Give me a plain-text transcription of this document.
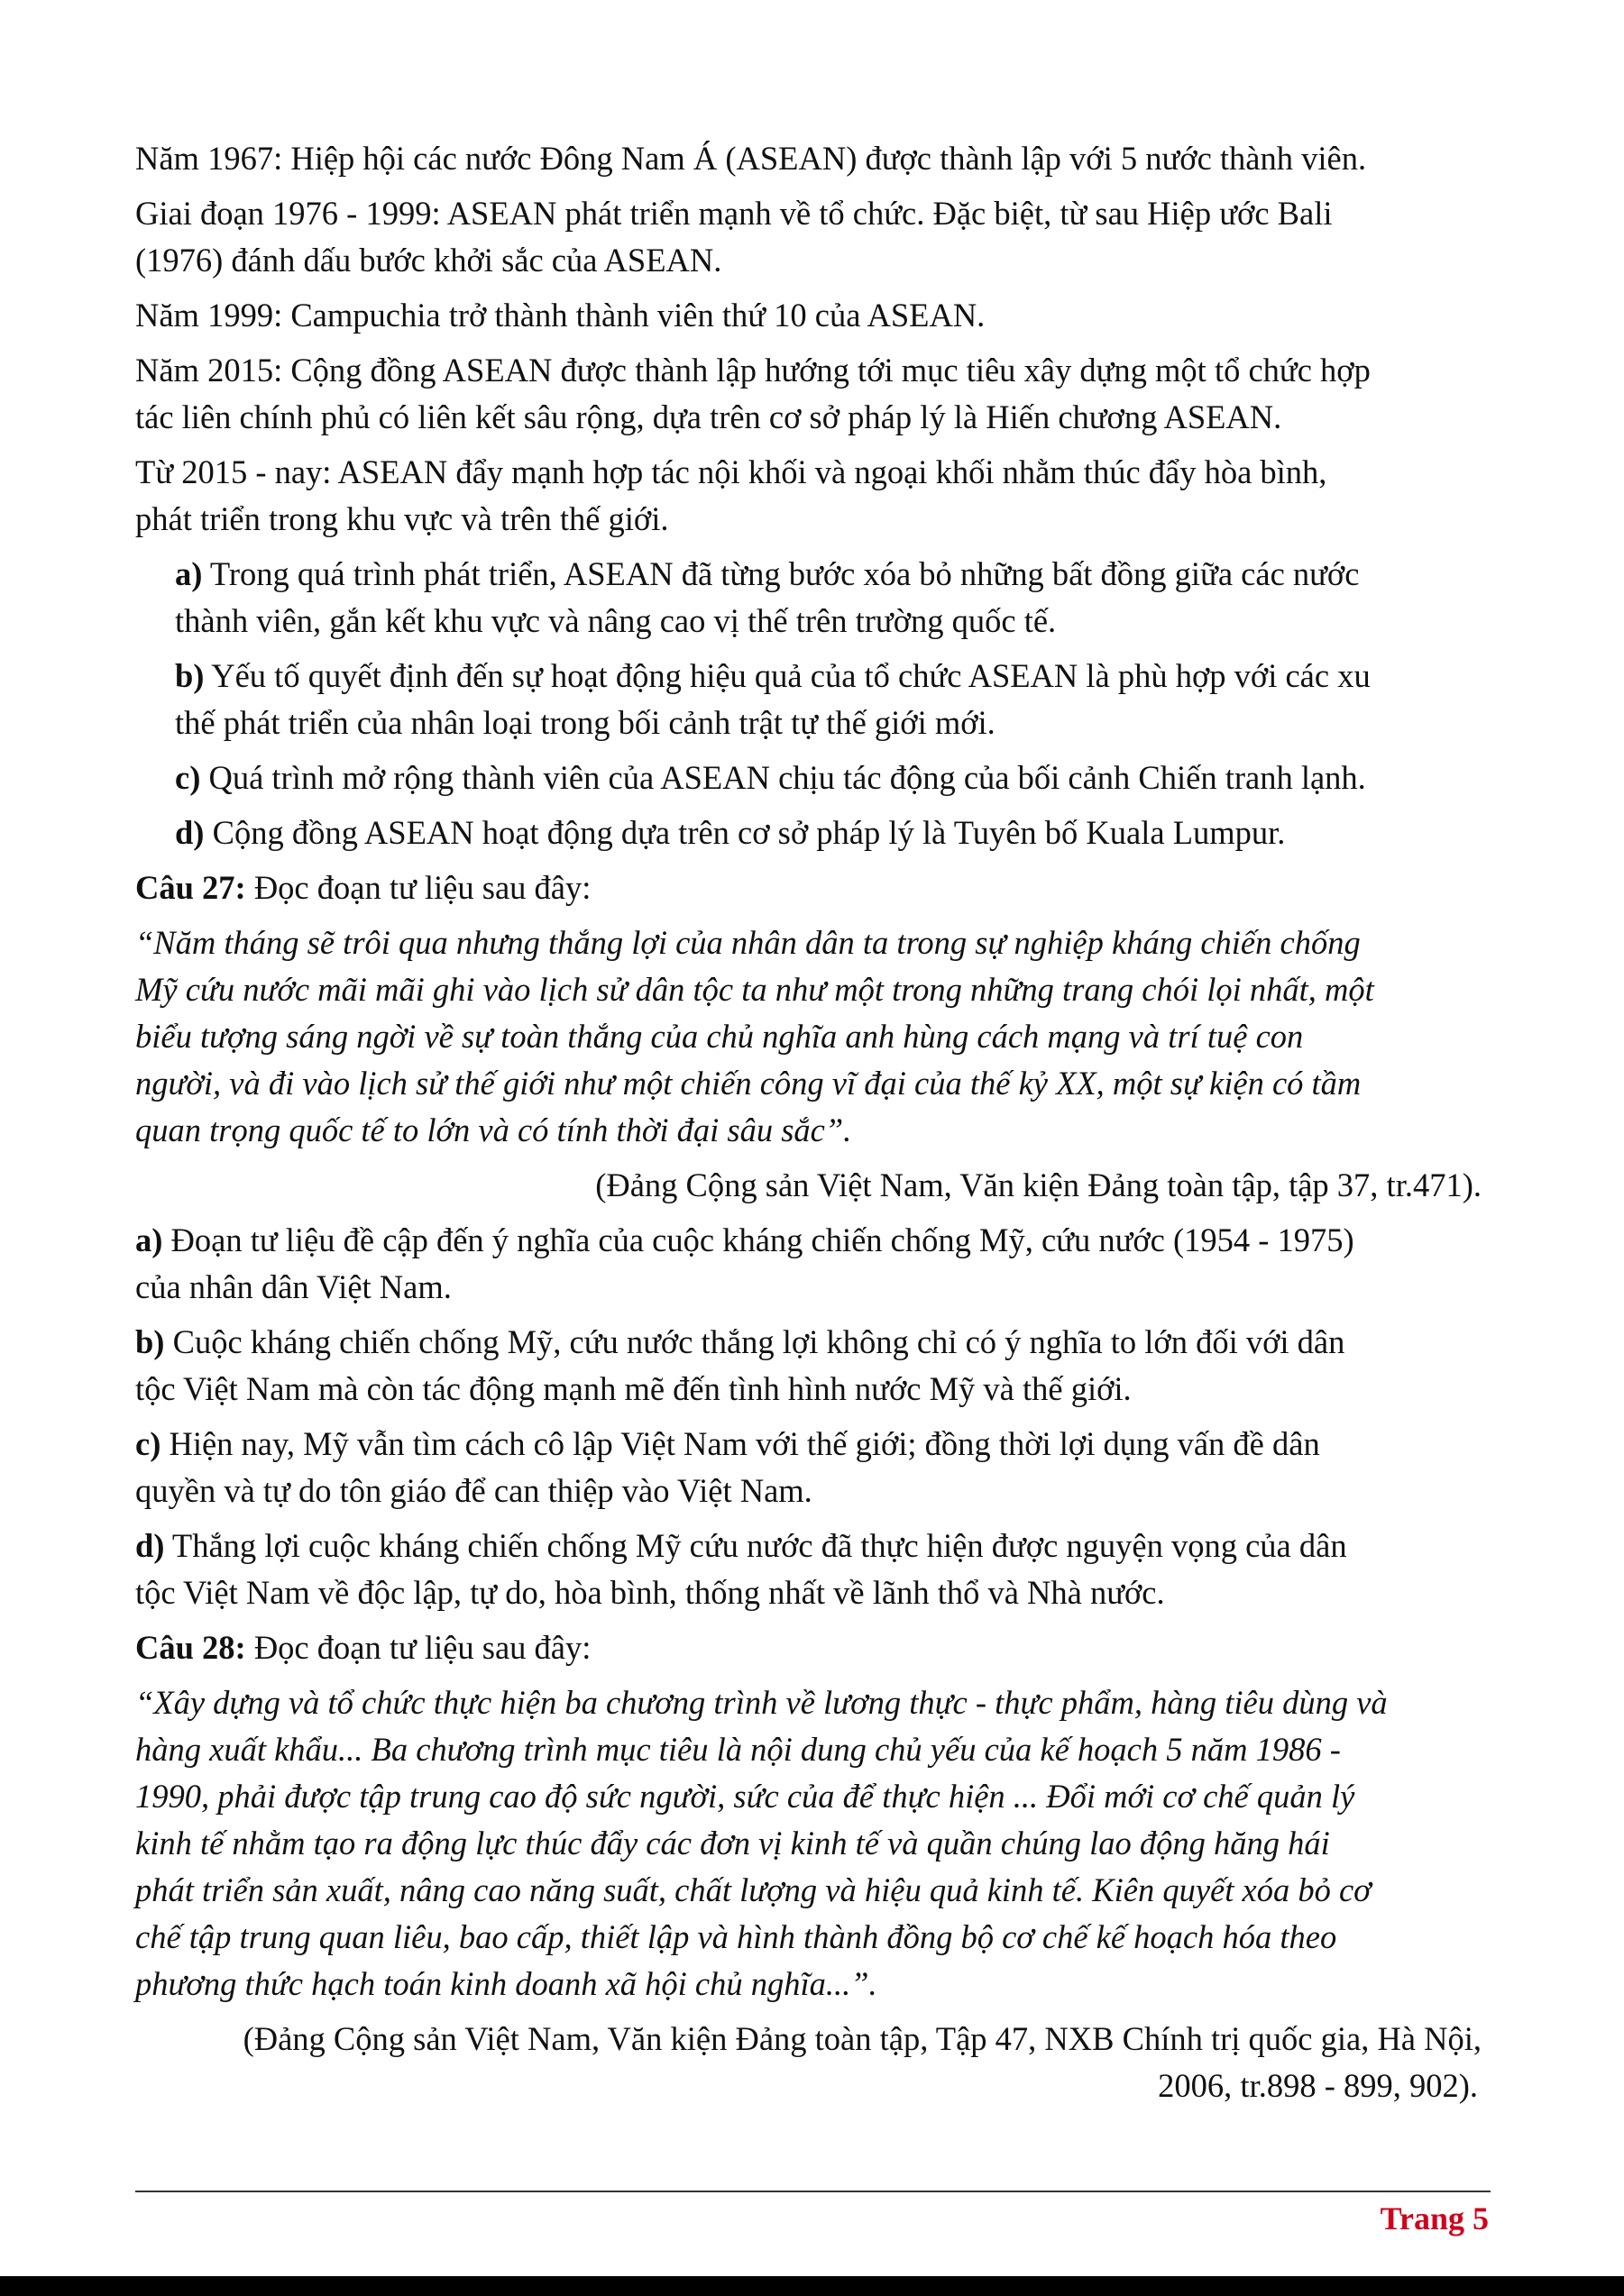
Năm 1967: Hiệp hội các nước Đông Nam Á (ASEAN) được thành lập với 5 nước thành viên.

Giai đoạn 1976 - 1999: ASEAN phát triển mạnh về tổ chức. Đặc biệt, từ sau Hiệp ước Bali

(1976) đánh dấu bước khởi sắc của ASEAN.

Năm 1999: Campuchia trở thành thành viên thứ 10 của ASEAN.

Năm 2015: Cộng đồng ASEAN được thành lập hướng tới mục tiêu xây dựng một tổ chức hợp

tác liên chính phủ có liên kết sâu rộng, dựa trên cơ sở pháp lý là Hiến chương ASEAN.

Từ 2015 - nay: ASEAN đẩy mạnh hợp tác nội khối và ngoại khối nhằm thúc đẩy hòa bình,

phát triển trong khu vực và trên thế giới.

a) Trong quá trình phát triển, ASEAN đã từng bước xóa bỏ những bất đồng giữa các nước

thành viên, gắn kết khu vực và nâng cao vị thế trên trường quốc tế.

b) Yếu tố quyết định đến sự hoạt động hiệu quả của tổ chức ASEAN là phù hợp với các xu

thế phát triển của nhân loại trong bối cảnh trật tự thế giới mới.

c) Quá trình mở rộng thành viên của ASEAN chịu tác động của bối cảnh Chiến tranh lạnh.

d) Cộng đồng ASEAN hoạt động dựa trên cơ sở pháp lý là Tuyên bố Kuala Lumpur.

Câu 27: Đọc đoạn tư liệu sau đây:

“Năm tháng sẽ trôi qua nhưng thắng lợi của nhân dân ta trong sự nghiệp kháng chiến chống

Mỹ cứu nước mãi mãi ghi vào lịch sử dân tộc ta như một trong những trang chói lọi nhất, một

biểu tượng sáng ngời về sự toàn thắng của chủ nghĩa anh hùng cách mạng và trí tuệ con

người, và đi vào lịch sử thế giới như một chiến công vĩ đại của thế kỷ XX, một sự kiện có tầm

quan trọng quốc tế to lớn và có tính thời đại sâu sắc”.

(Đảng Cộng sản Việt Nam, Văn kiện Đảng toàn tập, tập 37, tr.471).

a) Đoạn tư liệu đề cập đến ý nghĩa của cuộc kháng chiến chống Mỹ, cứu nước (1954 - 1975)

của nhân dân Việt Nam.

b) Cuộc kháng chiến chống Mỹ, cứu nước thắng lợi không chỉ có ý nghĩa to lớn đối với dân

tộc Việt Nam mà còn tác động mạnh mẽ đến tình hình nước Mỹ và thế giới.

c) Hiện nay, Mỹ vẫn tìm cách cô lập Việt Nam với thế giới; đồng thời lợi dụng vấn đề dân

quyền và tự do tôn giáo để can thiệp vào Việt Nam.

d) Thắng lợi cuộc kháng chiến chống Mỹ cứu nước đã thực hiện được nguyện vọng của dân

tộc Việt Nam về độc lập, tự do, hòa bình, thống nhất về lãnh thổ và Nhà nước.

Câu 28: Đọc đoạn tư liệu sau đây:

“Xây dựng và tổ chức thực hiện ba chương trình về lương thực - thực phẩm, hàng tiêu dùng và

hàng xuất khẩu... Ba chương trình mục tiêu là nội dung chủ yếu của kế hoạch 5 năm 1986 -

1990, phải được tập trung cao độ sức người, sức của để thực hiện ... Đổi mới cơ chế quản lý

kinh tế nhằm tạo ra động lực thúc đẩy các đơn vị kinh tế và quần chúng lao động hăng hái

phát triển sản xuất, nâng cao năng suất, chất lượng và hiệu quả kinh tế. Kiên quyết xóa bỏ cơ

chế tập trung quan liêu, bao cấp, thiết lập và hình thành đồng bộ cơ chế kế hoạch hóa theo

phương thức hạch toán kinh doanh xã hội chủ nghĩa...”.

(Đảng Cộng sản Việt Nam, Văn kiện Đảng toàn tập, Tập 47, NXB Chính trị quốc gia, Hà Nội,

2006, tr.898 - 899, 902).

Trang 5
